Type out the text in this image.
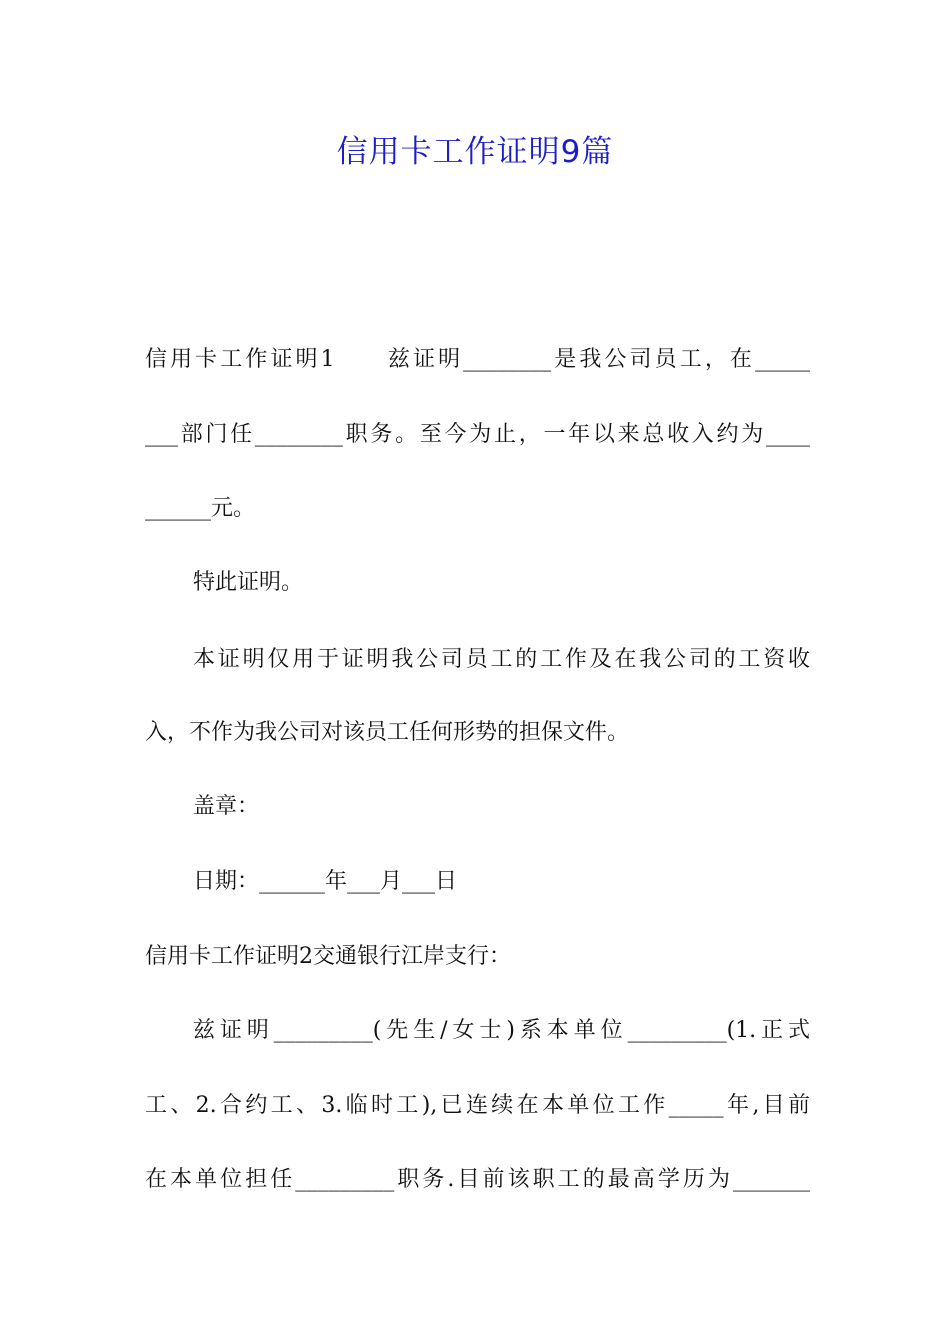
信用卡工作证明9篇
信用卡工作证明1　　兹证明________是我公司员工，在_____
___部门任________职务。至今为止，一年以来总收入约为____
______元。
特此证明。
本证明仅用于证明我公司员工的工作及在我公司的工资收
入，不作为我公司对该员工任何形势的担保文件。
盖章：
日期：______年___月___日
信用卡工作证明2交通银行江岸支行：
兹证明_________(先生/女士)系本单位_________(1.正式
工、2.合约工、3.临时工),已连续在本单位工作_____年,目前
在本单位担任_________职务.目前该职工的最高学历为_______
